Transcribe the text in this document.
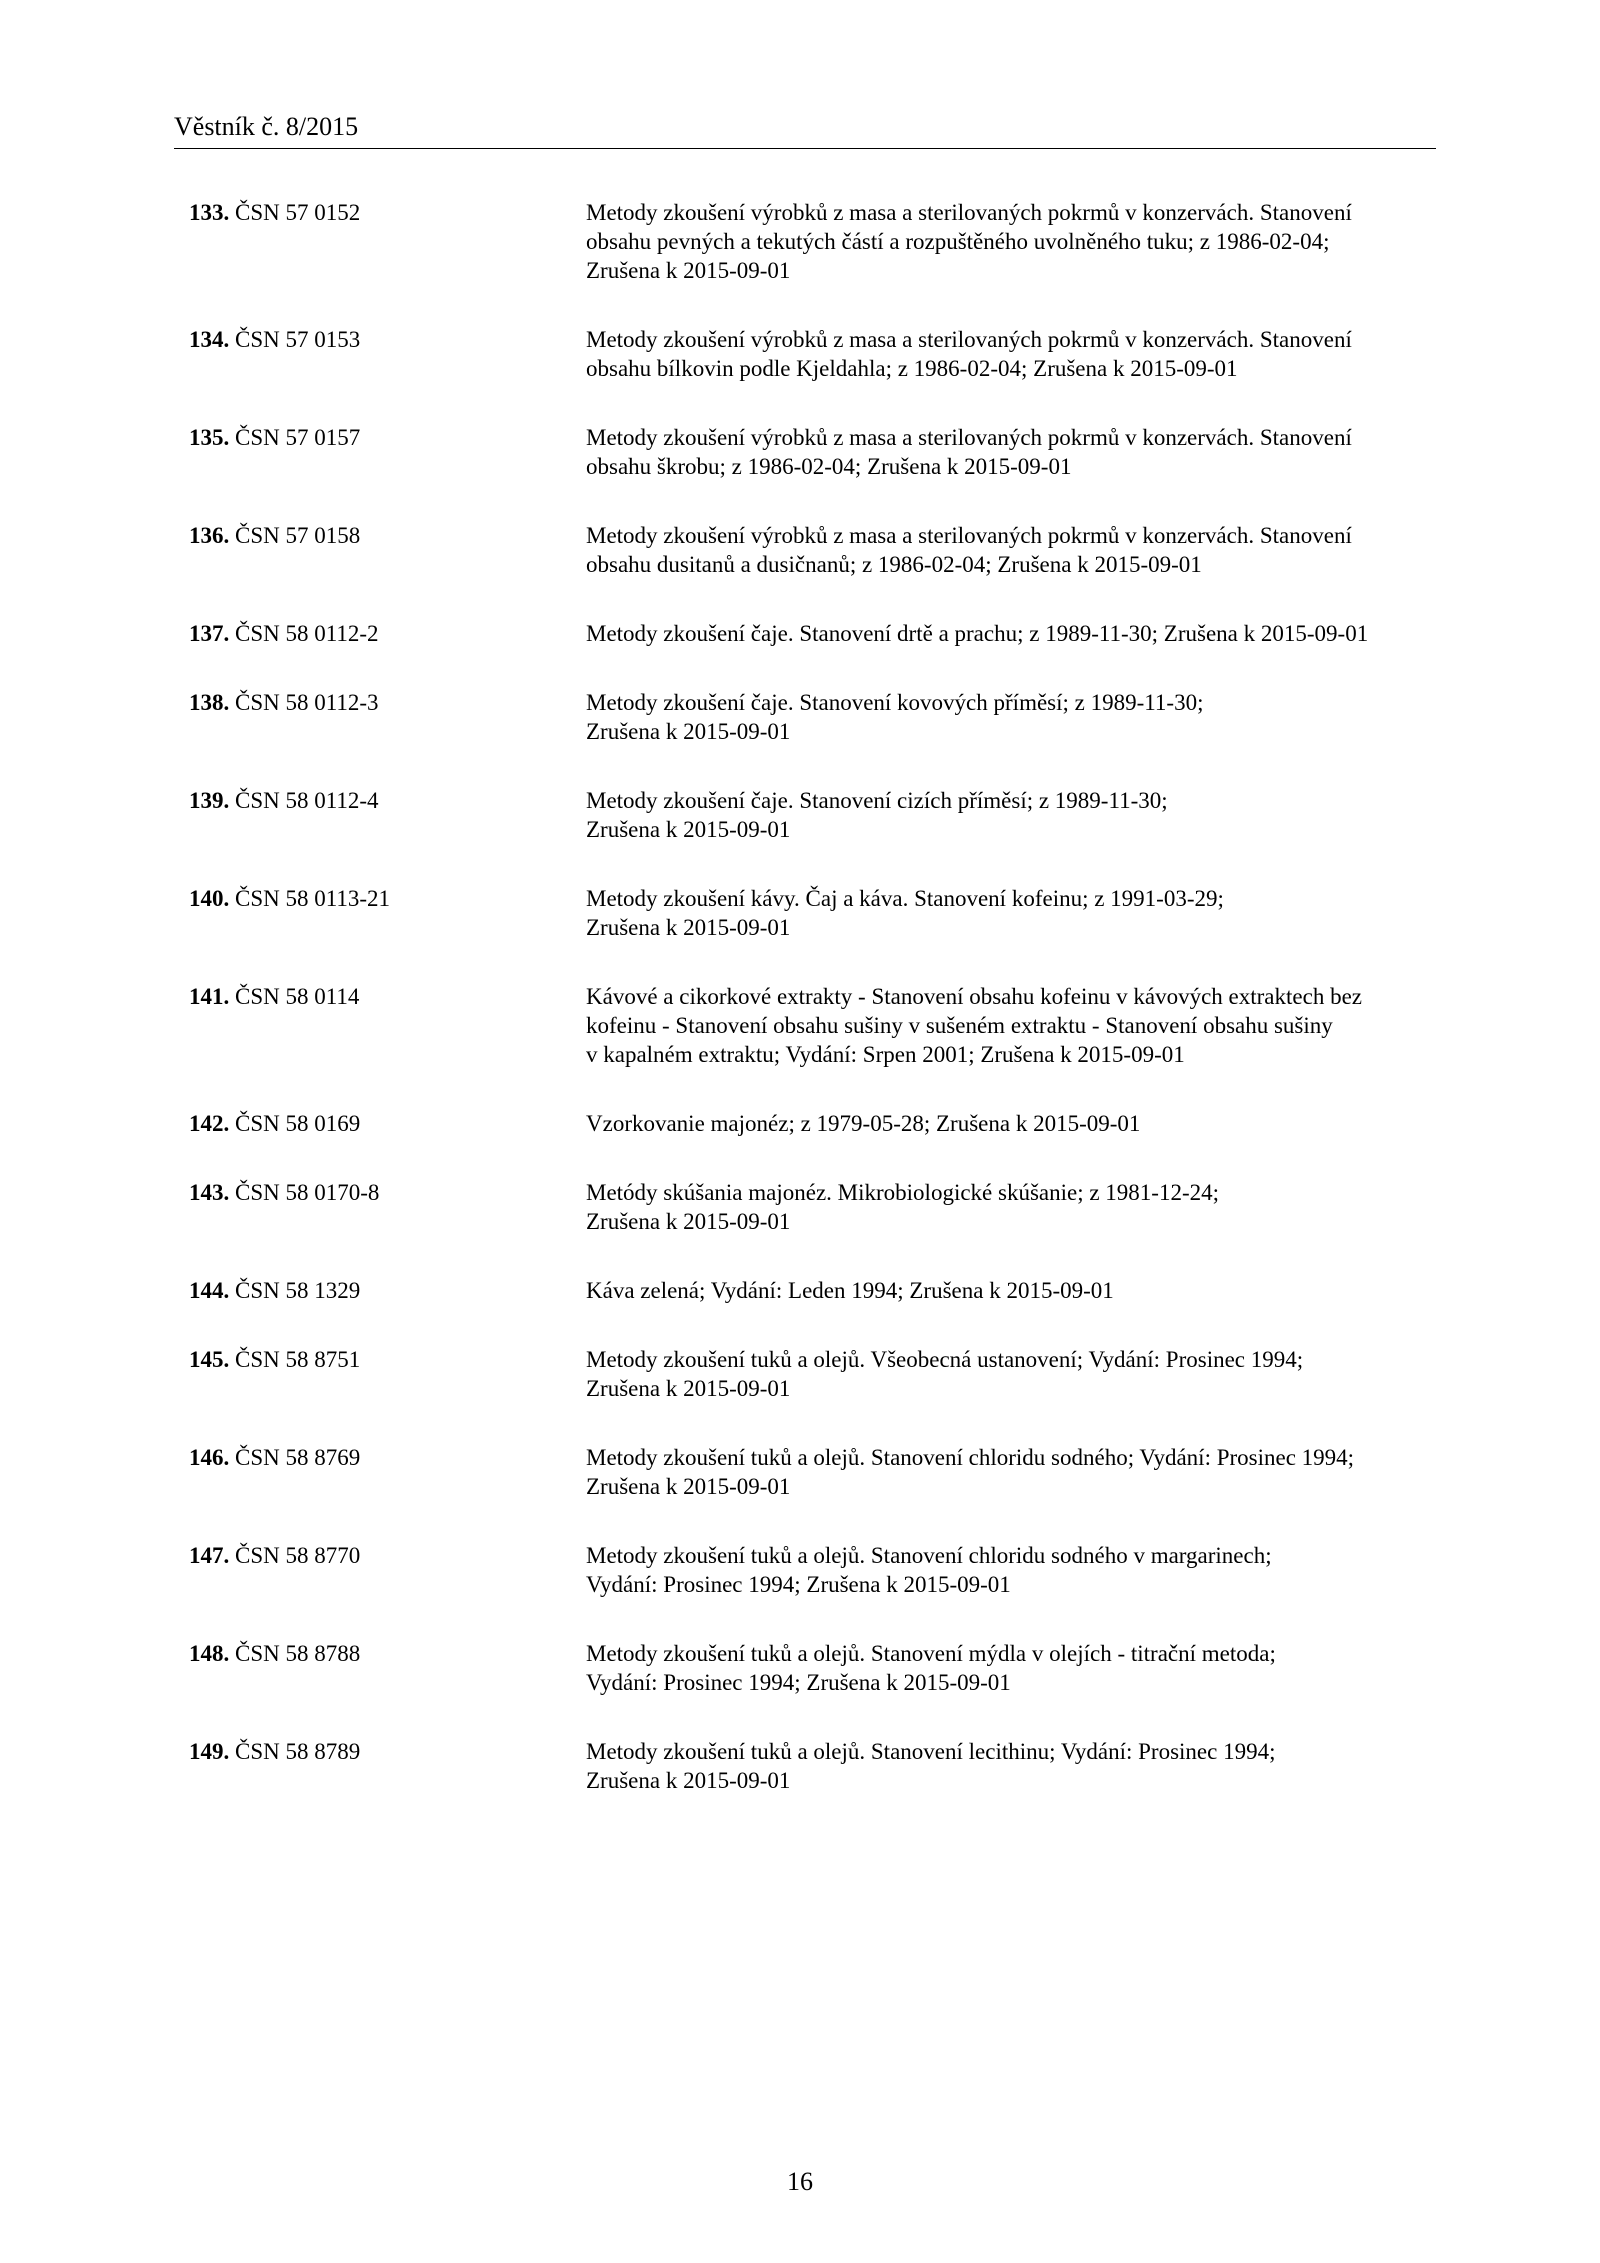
Věstník č. 8/2015
133. ČSN 57 0152	Metody zkoušení výrobků z masa a sterilovaných pokrmů v konzervách. Stanovení
obsahu pevných a tekutých částí a rozpuštěného uvolněného tuku; z 1986-02-04;
Zrušena k 2015-09-01
134. ČSN 57 0153	Metody zkoušení výrobků z masa a sterilovaných pokrmů v konzervách. Stanovení
obsahu bílkovin podle Kjeldahla; z 1986-02-04; Zrušena k 2015-09-01
135. ČSN 57 0157	Metody zkoušení výrobků z masa a sterilovaných pokrmů v konzervách. Stanovení
obsahu škrobu; z 1986-02-04; Zrušena k 2015-09-01
136. ČSN 57 0158	Metody zkoušení výrobků z masa a sterilovaných pokrmů v konzervách. Stanovení
obsahu dusitanů a dusičnanů; z 1986-02-04; Zrušena k 2015-09-01
137. ČSN 58 0112-2	Metody zkoušení čaje. Stanovení drtě a prachu; z 1989-11-30; Zrušena k 2015-09-01
138. ČSN 58 0112-3	Metody zkoušení čaje. Stanovení kovových příměsí; z 1989-11-30;
Zrušena k 2015-09-01
139. ČSN 58 0112-4	Metody zkoušení čaje. Stanovení cizích příměsí; z 1989-11-30;
Zrušena k 2015-09-01
140. ČSN 58 0113-21	Metody zkoušení kávy. Čaj a káva. Stanovení kofeinu; z 1991-03-29;
Zrušena k 2015-09-01
141. ČSN 58 0114	Kávové a cikorkové extrakty - Stanovení obsahu kofeinu v kávových extraktech bez
kofeinu - Stanovení obsahu sušiny v sušeném extraktu - Stanovení obsahu sušiny
v kapalném extraktu; Vydání: Srpen 2001; Zrušena k 2015-09-01
142. ČSN 58 0169	Vzorkovanie majonéz; z 1979-05-28; Zrušena k 2015-09-01
143. ČSN 58 0170-8	Metódy skúšania majonéz. Mikrobiologické skúšanie; z 1981-12-24;
Zrušena k 2015-09-01
144. ČSN 58 1329	Káva zelená; Vydání: Leden 1994; Zrušena k 2015-09-01
145. ČSN 58 8751	Metody zkoušení tuků a olejů. Všeobecná ustanovení; Vydání: Prosinec 1994;
Zrušena k 2015-09-01
146. ČSN 58 8769	Metody zkoušení tuků a olejů. Stanovení chloridu sodného; Vydání: Prosinec 1994;
Zrušena k 2015-09-01
147. ČSN 58 8770	Metody zkoušení tuků a olejů. Stanovení chloridu sodného v margarinech;
Vydání: Prosinec 1994; Zrušena k 2015-09-01
148. ČSN 58 8788	Metody zkoušení tuků a olejů. Stanovení mýdla v olejích - titrační metoda;
Vydání: Prosinec 1994; Zrušena k 2015-09-01
149. ČSN 58 8789	Metody zkoušení tuků a olejů. Stanovení lecithinu; Vydání: Prosinec 1994;
Zrušena k 2015-09-01
16
